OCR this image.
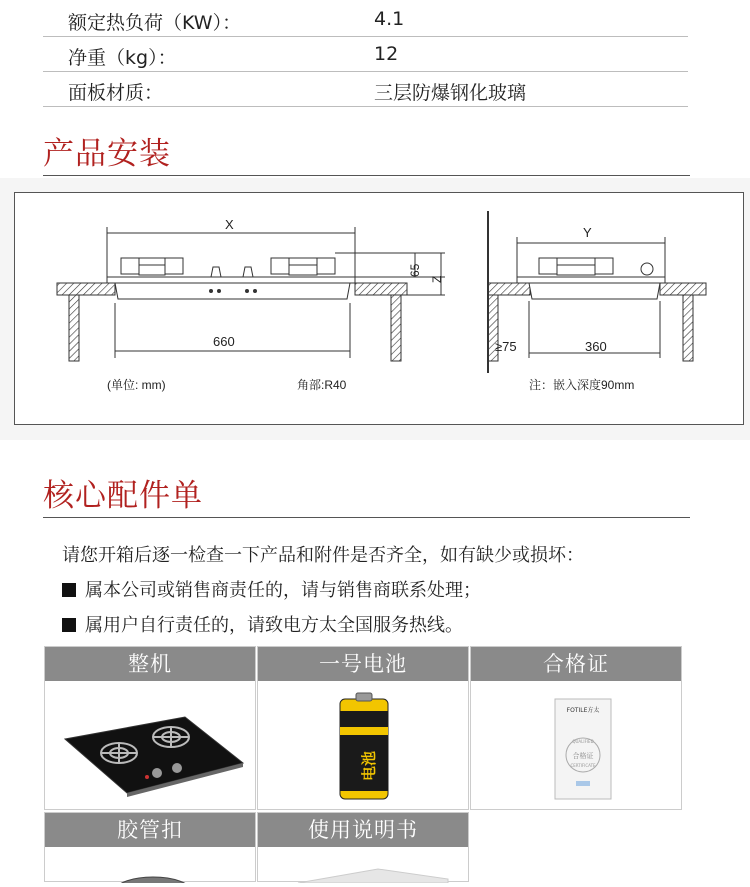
额定热负荷（KW）：	4.1
净重（kg）：	12
面板材质：	三层防爆钢化玻璃
产品安装
X
65
Z
660
(单位: mm)	角部:R40
Y
≥75	360
注：嵌入深度90mm
核心配件单
请您开箱后逐一检查一下产品和附件是否齐全，如有缺少或损坏：
属本公司或销售商责任的，请与销售商联系处理；
属用户自行责任的，请致电方太全国服务热线。
整机	一号电池
电池
合格证
FOTILE方太
QUALIFIED
合格证
CERTIFICATE
胶管扣	使用说明书
